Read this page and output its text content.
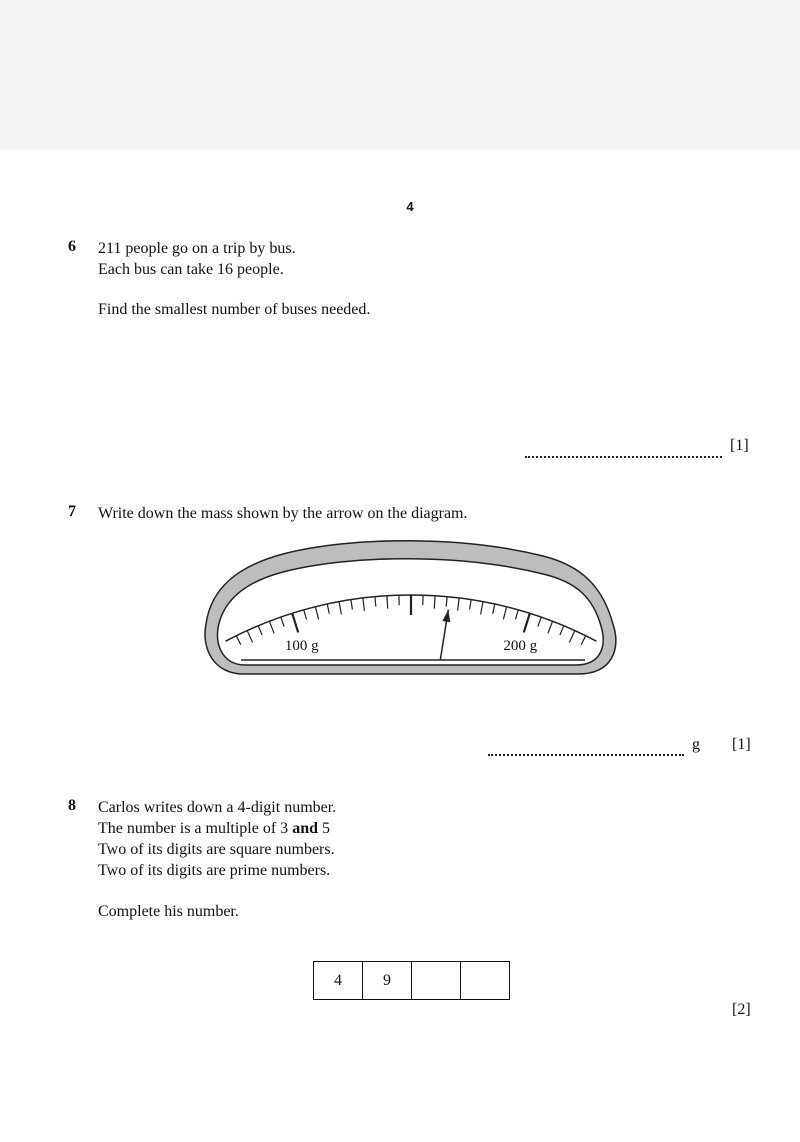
4
6 211 people go on a trip by bus.
Each bus can take 16 people.
Find the smallest number of buses needed.
[1]
7 Write down the mass shown by the arrow on the diagram.
100 g	200 g
g [1]
8 Carlos writes down a 4-digit number.
The number is a multiple of 3 and 5
Two of its digits are square numbers.
Two of its digits are prime numbers.
Complete his number.
4	9
[2]
